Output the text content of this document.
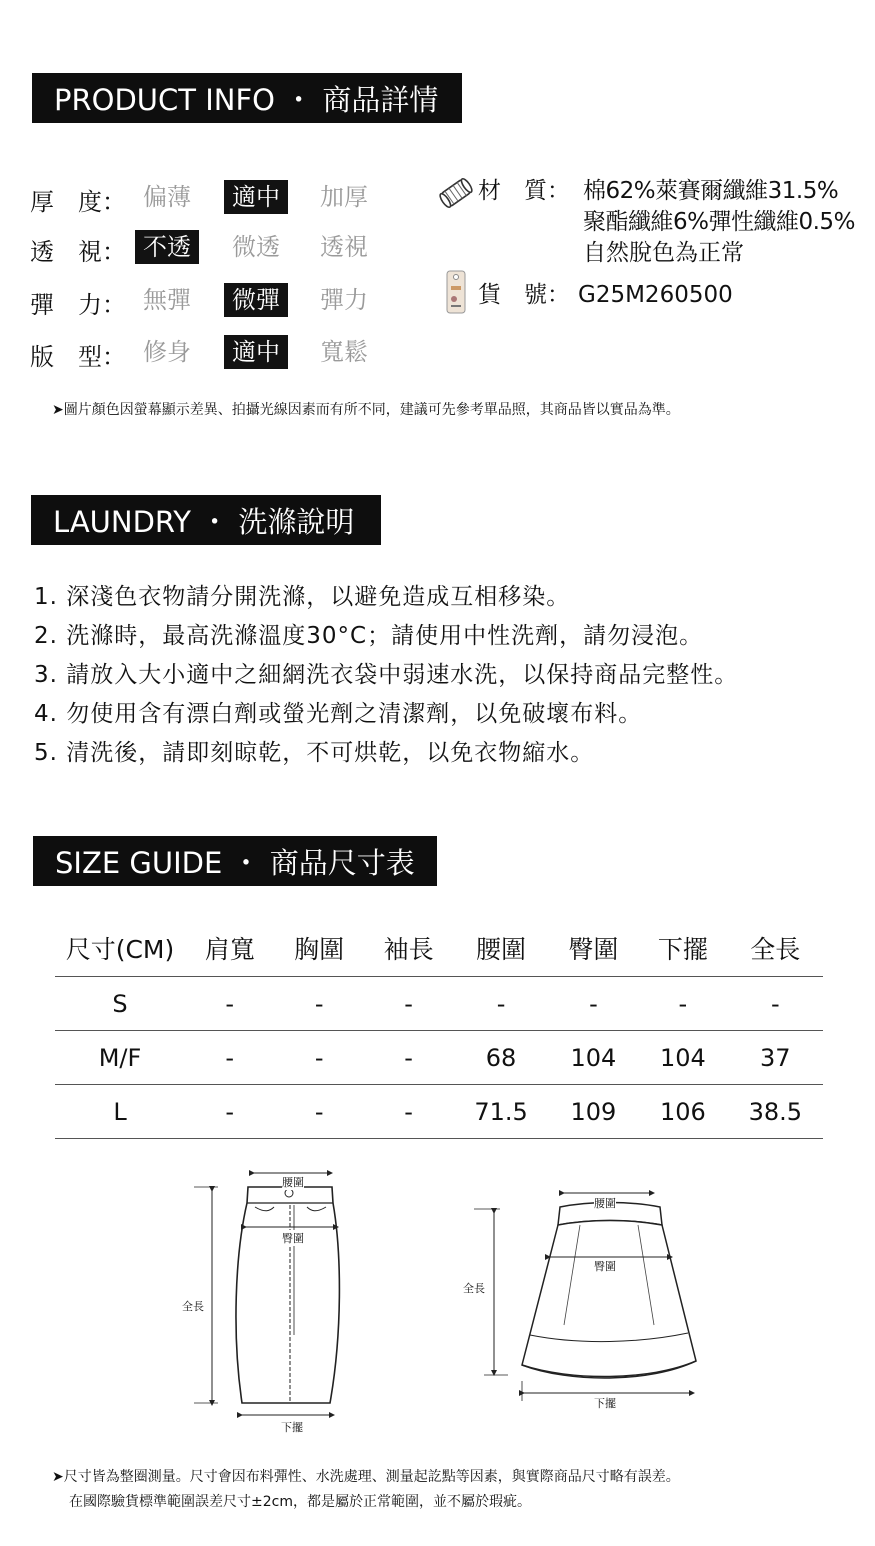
PRODUCT INFO ・ 商品詳情
厚　度： 偏薄	適中	加厚
透　視： 不透	微透 透視
彈　力： 無彈	微彈	彈力
版　型： 修身	適中	寬鬆
材　質： 棉62%萊賽爾纖維31.5%
聚酯纖維6%彈性纖維0.5%
自然脫色為正常
貨　號： G25M260500
➤圖片顏色因螢幕顯示差異、拍攝光線因素而有所不同，建議可先參考單品照，其商品皆以實品為準。
LAUNDRY ・ 洗滌說明
1. 深淺色衣物請分開洗滌，以避免造成互相移染。
2. 洗滌時，最高洗滌溫度30°C；請使用中性洗劑，請勿浸泡。
3. 請放入大小適中之細網洗衣袋中弱速水洗，以保持商品完整性。
4. 勿使用含有漂白劑或螢光劑之清潔劑，以免破壞布料。
5. 清洗後，請即刻晾乾，不可烘乾，以免衣物縮水。
SIZE GUIDE ・ 商品尺寸表
尺寸(CM)	肩寬	胸圍	袖長	腰圍	臀圍	下擺	全長
S	-	-	-	-	-	-	-
M/F	-	-	-	68	104	104	37
L	-	-	-	71.5	109	106	38.5
腰圍
臀圍
全長
下擺
腰圍
臀圍
全長
下擺
➤尺寸皆為整圈測量。尺寸會因布料彈性、水洗處理、測量起訖點等因素，與實際商品尺寸略有誤差。
在國際驗貨標準範圍誤差尺寸±2cm，都是屬於正常範圍，並不屬於瑕疵。
